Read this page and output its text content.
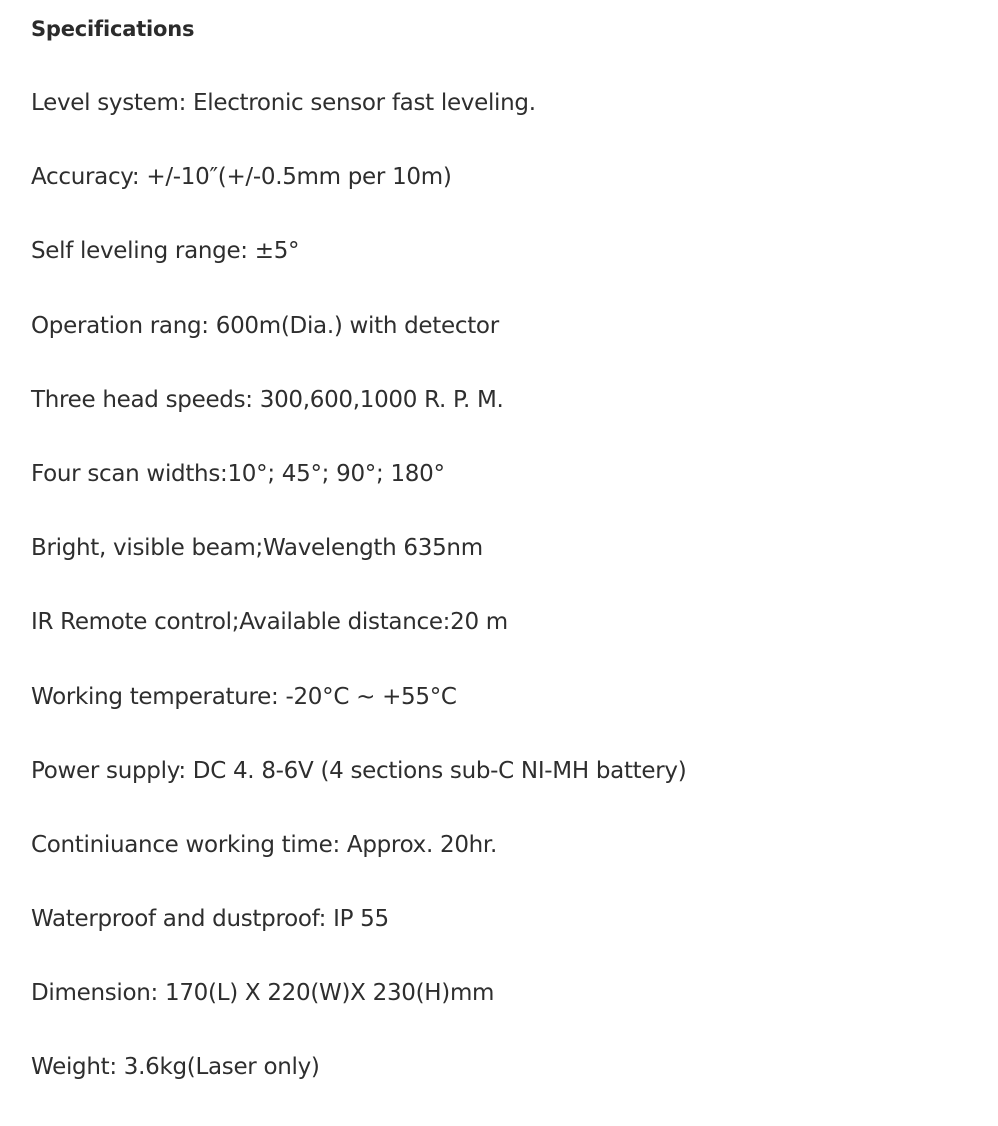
Specifications
Level system: Electronic sensor fast leveling.
Accuracy: +/-10″(+/-0.5mm per 10m)
Self leveling range: ±5°
Operation rang: 600m(Dia.) with detector
Three head speeds: 300,600,1000 R. P. M.
Four scan widths:10°; 45°; 90°; 180°
Bright, visible beam;Wavelength 635nm
IR Remote control;Available distance:20 m
Working temperature: -20°C ~ +55°C
Power supply: DC 4. 8-6V (4 sections sub-C NI-MH battery)
Continiuance working time: Approx. 20hr.
Waterproof and dustproof: IP 55
Dimension: 170(L) X 220(W)X 230(H)mm
Weight: 3.6kg(Laser only)
